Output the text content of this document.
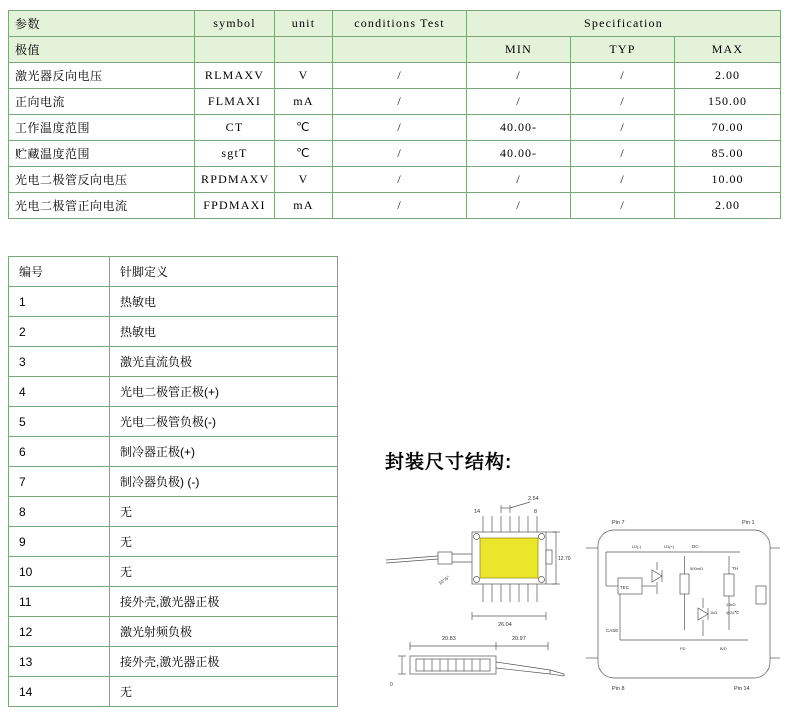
参数	symbol	unit	conditions Test	Specification		
极值				MIN	TYP	MAX
激光器反向电压	RLMAXV	V	/	/	/	2.00
正向电流	FLMAXI	mA	/	/	/	150.00
工作温度范围	CT	℃	/	40.00-	/	70.00
贮藏温度范围	sgtT	℃	/	40.00-	/	85.00
光电二极管反向电压	RPDMAXV	V	/	/	/	10.00
光电二极管正向电流	FPDMAXI	mA	/	/	/	2.00
编号	针脚定义
1	热敏电
2	热敏电
3	激光直流负极
4	光电二极管正极(+)
5	光电二极管负极(-)
6	制冷器正极(+)
7	制冷器负极) (-)
8	无
9	无
10	无
11	接外壳,激光器正极
12	激光射频负极
13	接外壳,激光器正极
14	无
封装尺寸结构:
2.54
14	8
12.70
26.04
20.83	20.97
0
10°/5°
Pin 7	Pin 1
Pin 8	Pin 14
TEC
TH
DC-
CASE
LD(-)	LD(+)
500mΩ
10kΩ
1kΩ @25℃
PD	B/D
